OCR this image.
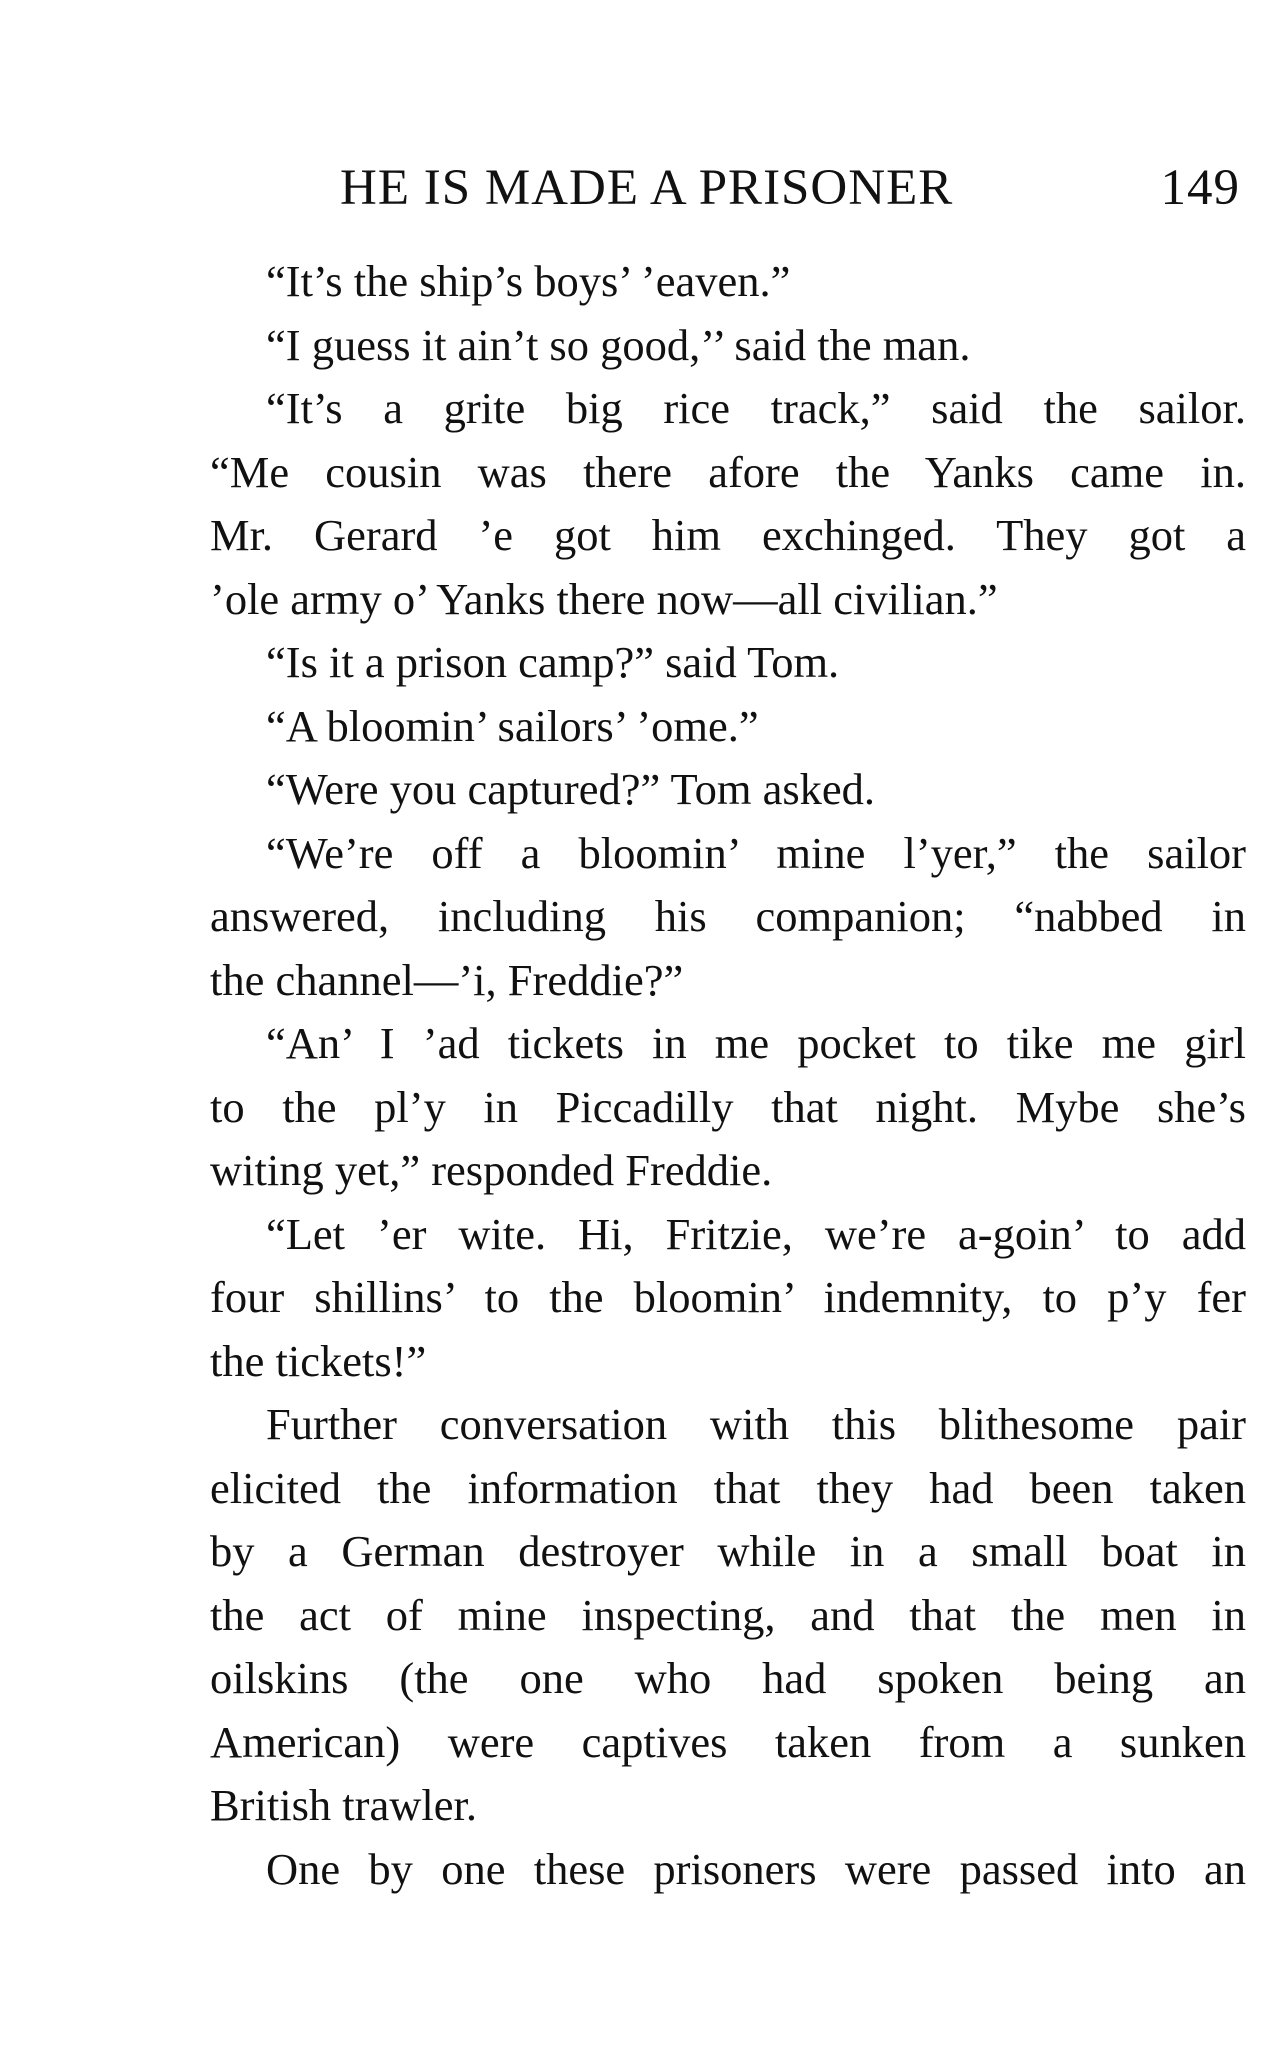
HE IS MADE A PRISONER	149
“It’s the ship’s boys’ ’eaven.”
“I guess it ain’t so good,’’ said the man.
“It’s a grite big rice track,” said the sailor.
“Me cousin was there afore the Yanks came in.
Mr. Gerard ’e got him exchinged. They got a
’ole army o’ Yanks there now—all civilian.”
“Is it a prison camp?” said Tom.
“A bloomin’ sailors’ ’ome.”
“Were you captured?” Tom asked.
“We’re off a bloomin’ mine l’yer,” the sailor
answered, including his companion; “nabbed in
the channel—’i, Freddie?”
“An’ I ’ad tickets in me pocket to tike me girl
to the pl’y in Piccadilly that night. Mybe she’s
witing yet,” responded Freddie.
“Let ’er wite. Hi, Fritzie, we’re a-goin’ to add
four shillins’ to the bloomin’ indemnity, to p’y fer
the tickets!”
Further conversation with this blithesome pair
elicited the information that they had been taken
by a German destroyer while in a small boat in
the act of mine inspecting, and that the men in
oilskins (the one who had spoken being an
American) were captives taken from a sunken
British trawler.
One by one these prisoners were passed into an
